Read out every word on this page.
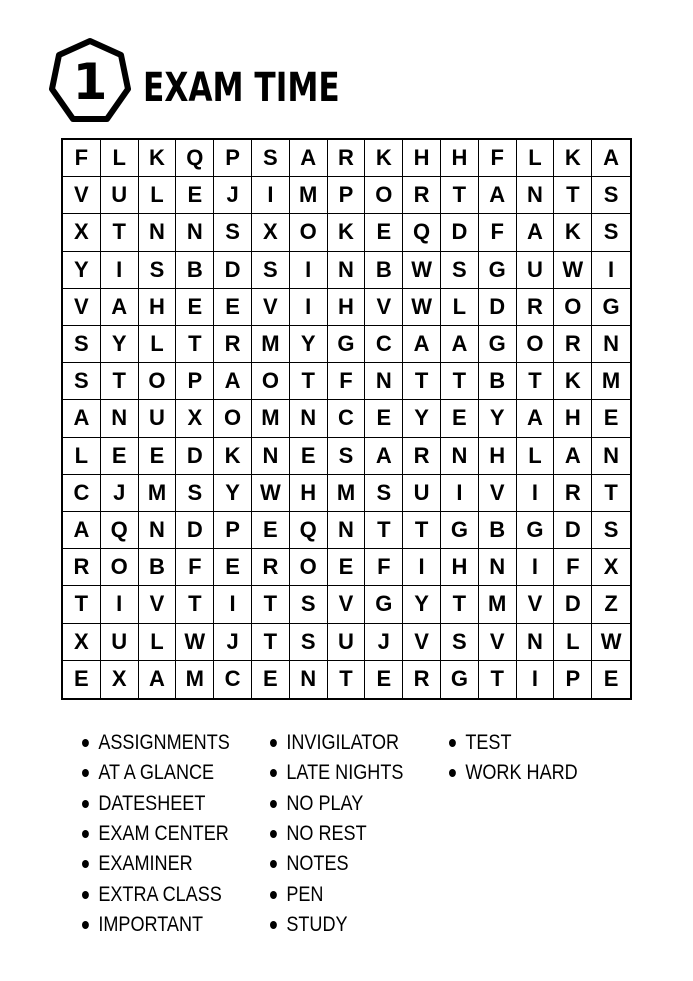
1 EXAM TIME
F	L	K Q P	S	A R K H H	F	L	K	A
V	U	L	E	J	I	M P O R	T	A N	T	S
X	T	N N	S	X O K	E Q D	F	A K	S
Y	I	S	B D	S	I	N B W S G U W	I
V	A H	E	E	V	I	H	V W L	D R O G
S	Y	L	T	R M Y G C A A G O R	N
S	T	O P	A O	T	F	N	T	T	B	T	K M
A N U	X O M N C	E	Y	E	Y	A H	E
L	E	E	D K N	E	S	A R N H	L	A	N
C	J	M S	Y W H M S	U	I	V	I	R	T
A Q N D	P	E Q N	T	T	G B G D	S
R O B	F	E	R O E	F	I	H N	I	F	X
T	I	V	T	I	T	S	V G Y	T M V	D	Z
X	U	L W J	T	S	U	J	V	S	V	N	L W
E	X	A M C	E	N	T	E	R G	T	I	P	E
ASSIGNMENTS
AT A GLANCE
DATESHEET
EXAM CENTER
EXAMINER
EXTRA CLASS
IMPORTANT
INVIGILATOR
LATE NIGHTS
NO PLAY
NO REST
NOTES
PEN
STUDY
TEST
WORK HARD
